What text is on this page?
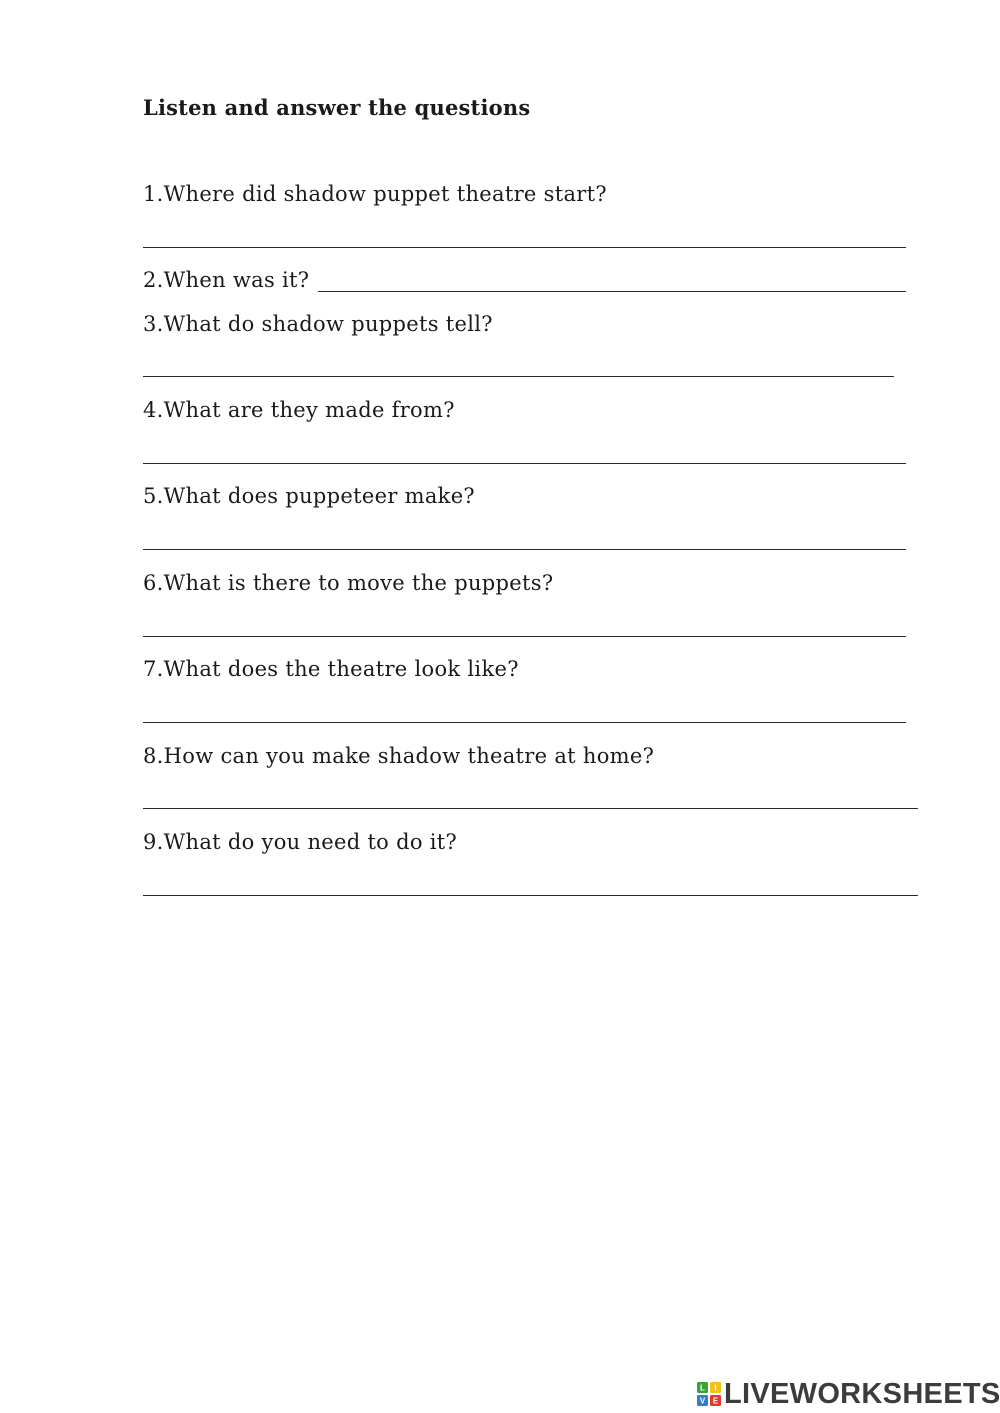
Listen and answer the questions
1.Where did shadow puppet theatre start?
2.When was it?
3.What do shadow puppets tell?
4.What are they made from?
5.What does puppeteer make?
6.What is there to move the puppets?
7.What does the theatre look like?
8.How can you make shadow theatre at home?
9.What do you need to do it?
L I
V E LIVEWORKSHEETS
